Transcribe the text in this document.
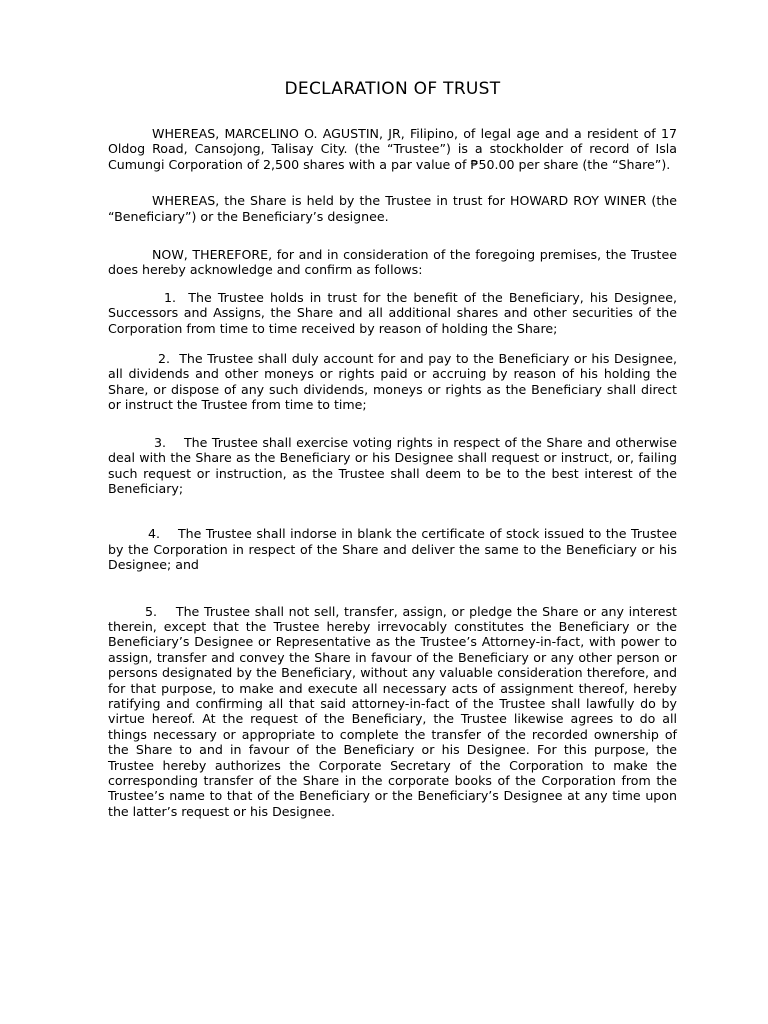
DECLARATION OF TRUST

WHEREAS, MARCELINO O. AGUSTIN, JR, Filipino, of legal age and a resident of 17 Oldog Road, Cansojong, Talisay City. (the “Trustee”) is a stockholder of record of Isla Cumungi Corporation of 2,500 shares with a par value of ₱50.00 per share (the “Share”).

WHEREAS, the Share is held by the Trustee in trust for HOWARD ROY WINER (the “Beneficiary”) or the Beneficiary’s designee.

NOW, THEREFORE, for and in consideration of the foregoing premises, the Trustee does hereby acknowledge and confirm as follows:

1. The Trustee holds in trust for the benefit of the Beneficiary, his Designee, Successors and Assigns, the Share and all additional shares and other securities of the Corporation from time to time received by reason of holding the Share;

2. The Trustee shall duly account for and pay to the Beneficiary or his Designee, all dividends and other moneys or rights paid or accruing by reason of his holding the Share, or dispose of any such dividends, moneys or rights as the Beneficiary shall direct or instruct the Trustee from time to time;

3. The Trustee shall exercise voting rights in respect of the Share and otherwise deal with the Share as the Beneficiary or his Designee shall request or instruct, or, failing such request or instruction, as the Trustee shall deem to be to the best interest of the Beneficiary;

4. The Trustee shall indorse in blank the certificate of stock issued to the Trustee by the Corporation in respect of the Share and deliver the same to the Beneficiary or his Designee; and

5. The Trustee shall not sell, transfer, assign, or pledge the Share or any interest therein, except that the Trustee hereby irrevocably constitutes the Beneficiary or the Beneficiary’s Designee or Representative as the Trustee’s Attorney-in-fact, with power to assign, transfer and convey the Share in favour of the Beneficiary or any other person or persons designated by the Beneficiary, without any valuable consideration therefore, and for that purpose, to make and execute all necessary acts of assignment thereof, hereby ratifying and confirming all that said attorney-in-fact of the Trustee shall lawfully do by virtue hereof. At the request of the Beneficiary, the Trustee likewise agrees to do all things necessary or appropriate to complete the transfer of the recorded ownership of the Share to and in favour of the Beneficiary or his Designee. For this purpose, the Trustee hereby authorizes the Corporate Secretary of the Corporation to make the corresponding transfer of the Share in the corporate books of the Corporation from the Trustee’s name to that of the Beneficiary or the Beneficiary’s Designee at any time upon the latter’s request or his Designee.
